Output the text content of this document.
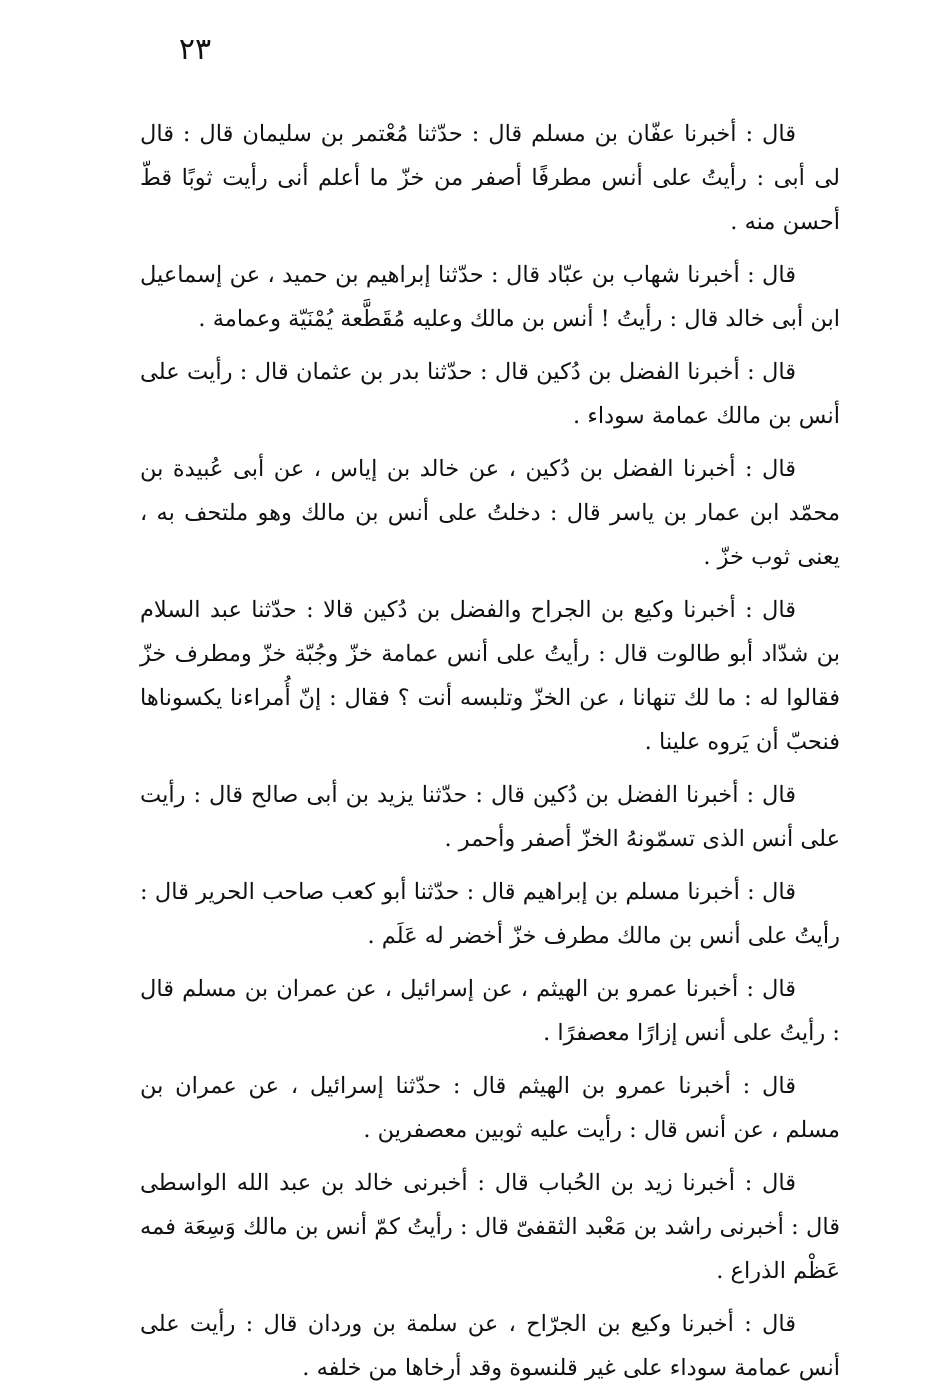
٢٣

قال : أخبرنا عفّان بن مسلم قال : حدّثنا مُعْتمر بن سليمان قال : قال لى أبى : رأيتُ على أنس مطرفًا أصفر من خزّ ما أعلم أنى رأيت ثوبًا قطّ أحسن منه .

قال : أخبرنا شهاب بن عبّاد قال : حدّثنا إبراهيم بن حميد ، عن إسماعيل ابن أبى خالد قال : رأيتُ ! أنس بن مالك وعليه مُقَطَّعة يُمْنَيّة وعمامة .

قال : أخبرنا الفضل بن دُكين قال : حدّثنا بدر بن عثمان قال : رأيت على أنس بن مالك عمامة سوداء .

قال : أخبرنا الفضل بن دُكين ، عن خالد بن إياس ، عن أبى عُبيدة بن محمّد ابن عمار بن ياسر قال : دخلتُ على أنس بن مالك وهو ملتحف به ، يعنى ثوب خزّ .

قال : أخبرنا وكيع بن الجراح والفضل بن دُكين قالا : حدّثنا عبد السلام بن شدّاد أبو طالوت قال : رأيتُ على أنس عمامة خزّ وجُبّة خزّ ومطرف خزّ فقالوا له : ما لك تنهانا ، عن الخزّ وتلبسه أنت ؟ فقال : إنّ أُمراءنا يكسوناها فنحبّ أن يَروه علينا .

قال : أخبرنا الفضل بن دُكين قال : حدّثنا يزيد بن أبى صالح قال : رأيت على أنس الذى تسمّونهُ الخزّ أصفر وأحمر .

قال : أخبرنا مسلم بن إبراهيم قال : حدّثنا أبو كعب صاحب الحرير قال : رأيتُ على أنس بن مالك مطرف خزّ أخضر له عَلَم .

قال : أخبرنا عمرو بن الهيثم ، عن إسرائيل ، عن عمران بن مسلم قال : رأيتُ على أنس إزارًا معصفرًا .

قال : أخبرنا عمرو بن الهيثم قال : حدّثنا إسرائيل ، عن عمران بن مسلم ، عن أنس قال : رأيت عليه ثوبين معصفرين .

قال : أخبرنا زيد بن الحُباب قال : أخبرنى خالد بن عبد الله الواسطى قال : أخبرنى راشد بن مَعْبد الثقفىّ قال : رأيتُ كمّ أنس بن مالك وَسِعَة فمه عَظْم الذراع .

قال : أخبرنا وكيع بن الجرّاح ، عن سلمة بن وردان قال : رأيت على أنس عمامة سوداء على غير قلنسوة وقد أرخاها من خلفه .
